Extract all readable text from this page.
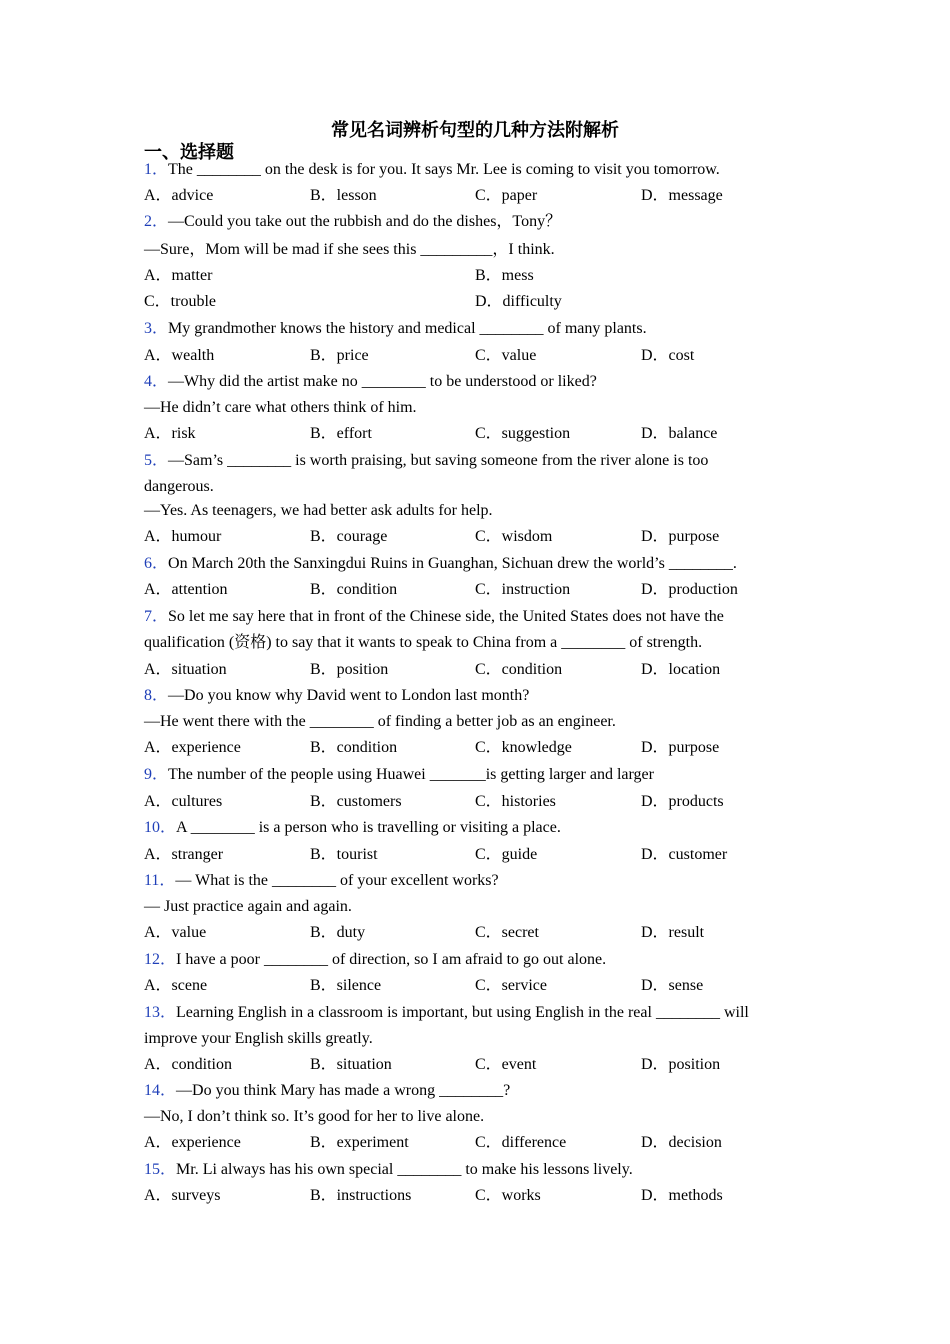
常见名词辨析句型的几种方法附解析
一、选择题
1．The ________ on the desk is for you. It says Mr. Lee is coming to visit you tomorrow.
A．advice	B．lesson	C．paper	D．message
2．—Could you take out the rubbish and do the dishes，Tony？
—Sure，Mom will be mad if she sees this _________，I think.
A．matter	B．mess
C．trouble	D．difficulty
3．My grandmother knows the history and medical ________ of many plants.
A．wealth	B．price	C．value	D．cost
4．—Why did the artist make no ________ to be understood or liked?
—He didn’t care what others think of him.
A．risk	B．effort	C．suggestion	D．balance
5．—Sam’s ________ is worth praising, but saving someone from the river alone is too
dangerous.
—Yes. As teenagers, we had better ask adults for help.
A．humour	B．courage	C．wisdom	D．purpose
6．On March 20th the Sanxingdui Ruins in Guanghan, Sichuan drew the world’s ________.
A．attention	B．condition	C．instruction	D．production
7．So let me say here that in front of the Chinese side, the United States does not have the
qualification (资格) to say that it wants to speak to China from a ________ of strength.
A．situation	B．position	C．condition	D．location
8．—Do you know why David went to London last month?
—He went there with the ________ of finding a better job as an engineer.
A．experience	B．condition	C．knowledge	D．purpose
9．The number of the people using Huawei _______is getting larger and larger
A．cultures	B．customers	C．histories	D．products
10．A ________ is a person who is travelling or visiting a place.
A．stranger	B．tourist	C．guide	D．customer
11．— What is the ________ of your excellent works?
— Just practice again and again.
A．value	B．duty	C．secret	D．result
12．I have a poor ________ of direction, so I am afraid to go out alone.
A．scene	B．silence	C．service	D．sense
13．Learning English in a classroom is important, but using English in the real ________ will
improve your English skills greatly.
A．condition	B．situation	C．event	D．position
14．—Do you think Mary has made a wrong ________?
—No, I don’t think so. It’s good for her to live alone.
A．experience	B．experiment	C．difference	D．decision
15．Mr. Li always has his own special ________ to make his lessons lively.
A．surveys	B．instructions	C．works	D．methods
